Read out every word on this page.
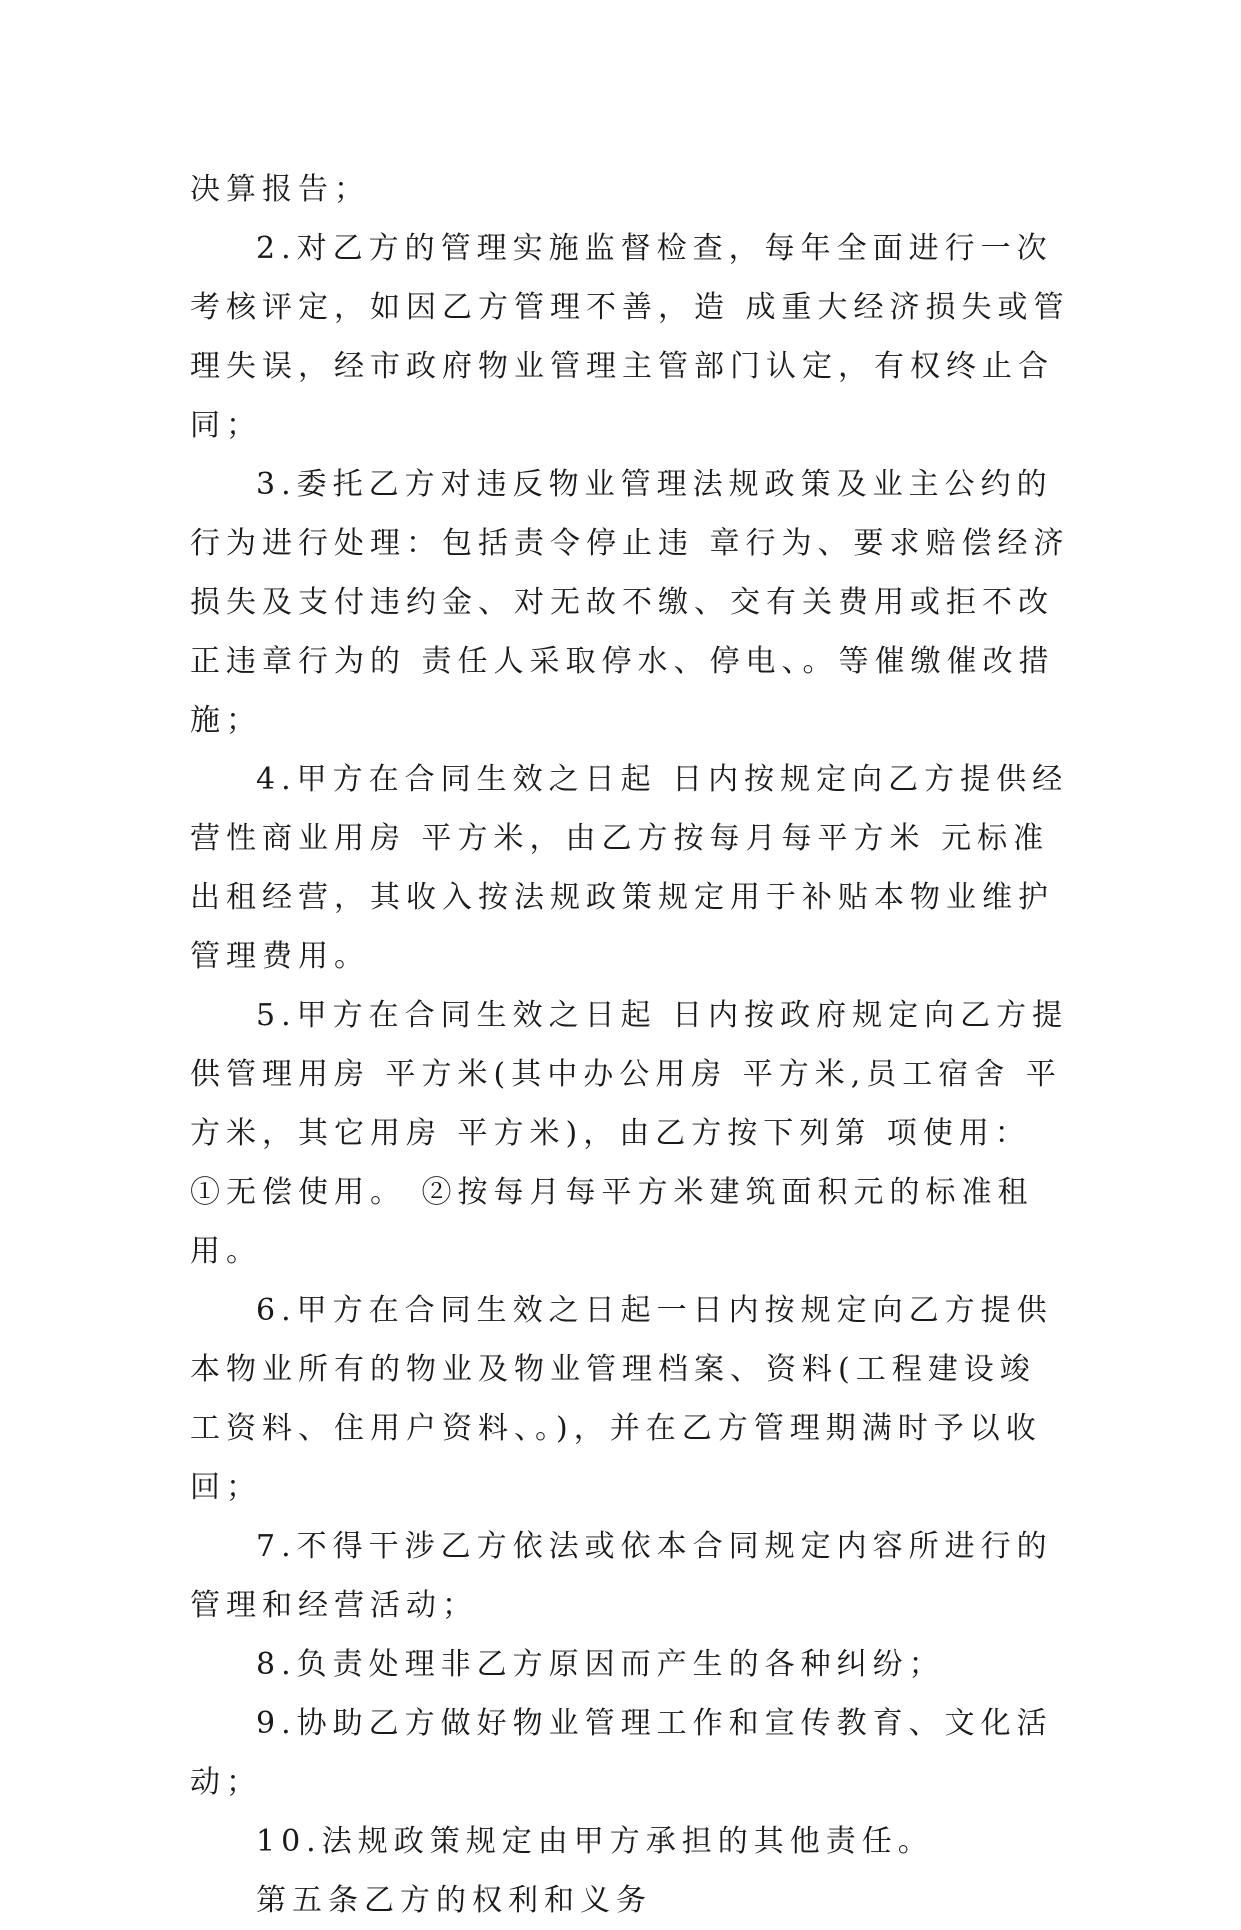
决算报告；

2.对乙方的管理实施监督检查，每年全面进行一次考核评定，如因乙方管理不善，造 成重大经济损失或管理失误，经市政府物业管理主管部门认定，有权终止合同；

3.委托乙方对违反物业管理法规政策及业主公约的行为进行处理：包括责令停止违 章行为、要求赔偿经济损失及支付违约金、对无故不缴、交有关费用或拒不改正违章行为的 责任人采取停水、停电、。等催缴催改措施；

4.甲方在合同生效之日起 日内按规定向乙方提供经营性商业用房 平方米，由乙方按每月每平方米 元标准出租经营，其收入按法规政策规定用于补贴本物业维护管理费用。

5.甲方在合同生效之日起 日内按政府规定向乙方提供管理用房 平方米(其中办公用房 平方米,员工宿舍 平方米，其它用房 平方米)，由乙方按下列第 项使用： ①无偿使用。 ②按每月每平方米建筑面积元的标准租用。

6.甲方在合同生效之日起一日内按规定向乙方提供本物业所有的物业及物业管理档案、资料(工程建设竣工资料、住用户资料、。)，并在乙方管理期满时予以收回；

7.不得干涉乙方依法或依本合同规定内容所进行的管理和经营活动；

8.负责处理非乙方原因而产生的各种纠纷；

9.协助乙方做好物业管理工作和宣传教育、文化活动；

10.法规政策规定由甲方承担的其他责任。

第五条乙方的权利和义务
